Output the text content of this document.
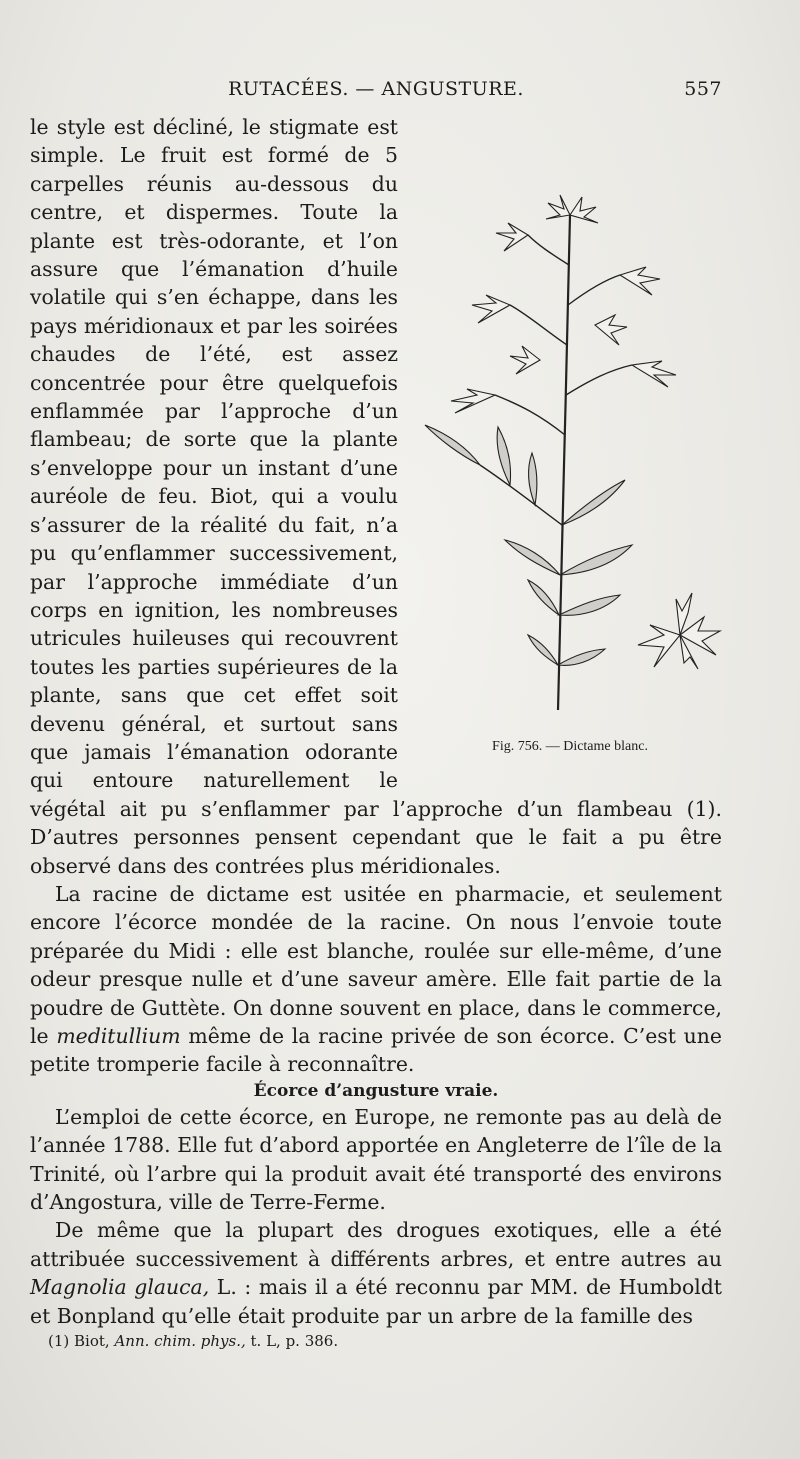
RUTACÉES. — ANGUSTURE.	557
Fig. 756. — Dictame blanc.

le style est décliné, le stigmate est simple. Le fruit est formé de 5 carpelles réunis au-dessous du centre, et dispermes. Toute la plante est très-odorante, et l’on assure que l’émanation d’huile volatile qui s’en échappe, dans les pays méridionaux et par les soirées chaudes de l’été, est assez concentrée pour être quelquefois enflammée par l’approche d’un flambeau; de sorte que la plante s’enveloppe pour un instant d’une auréole de feu. Biot, qui a voulu s’assurer de la réalité du fait, n’a pu qu’enflammer successivement, par l’approche immédiate d’un corps en ignition, les nombreuses utricules huileuses qui recouvrent toutes les parties supérieures de la plante, sans que cet effet soit devenu général, et surtout sans que jamais l’émanation odorante qui entoure naturellement le végétal ait pu s’enflammer par l’approche d’un flambeau (1). D’autres personnes pensent cependant que le fait a pu être observé dans des contrées plus méridionales.

La racine de dictame est usitée en pharmacie, et seulement encore l’écorce mondée de la racine. On nous l’envoie toute préparée du Midi : elle est blanche, roulée sur elle-même, d’une odeur presque nulle et d’une saveur amère. Elle fait partie de la poudre de Guttète. On donne souvent en place, dans le commerce, le meditullium même de la racine privée de son écorce. C’est une petite tromperie facile à reconnaître.

Écorce d’angusture vraie.

L’emploi de cette écorce, en Europe, ne remonte pas au delà de l’année 1788. Elle fut d’abord apportée en Angleterre de l’île de la Trinité, où l’arbre qui la produit avait été transporté des environs d’Angostura, ville de Terre-Ferme.

De même que la plupart des drogues exotiques, elle a été attribuée successivement à différents arbres, et entre autres au Magnolia glauca, L. : mais il a été reconnu par MM. de Humboldt et Bonpland qu’elle était produite par un arbre de la famille des

(1) Biot, Ann. chim. phys., t. L, p. 386.
